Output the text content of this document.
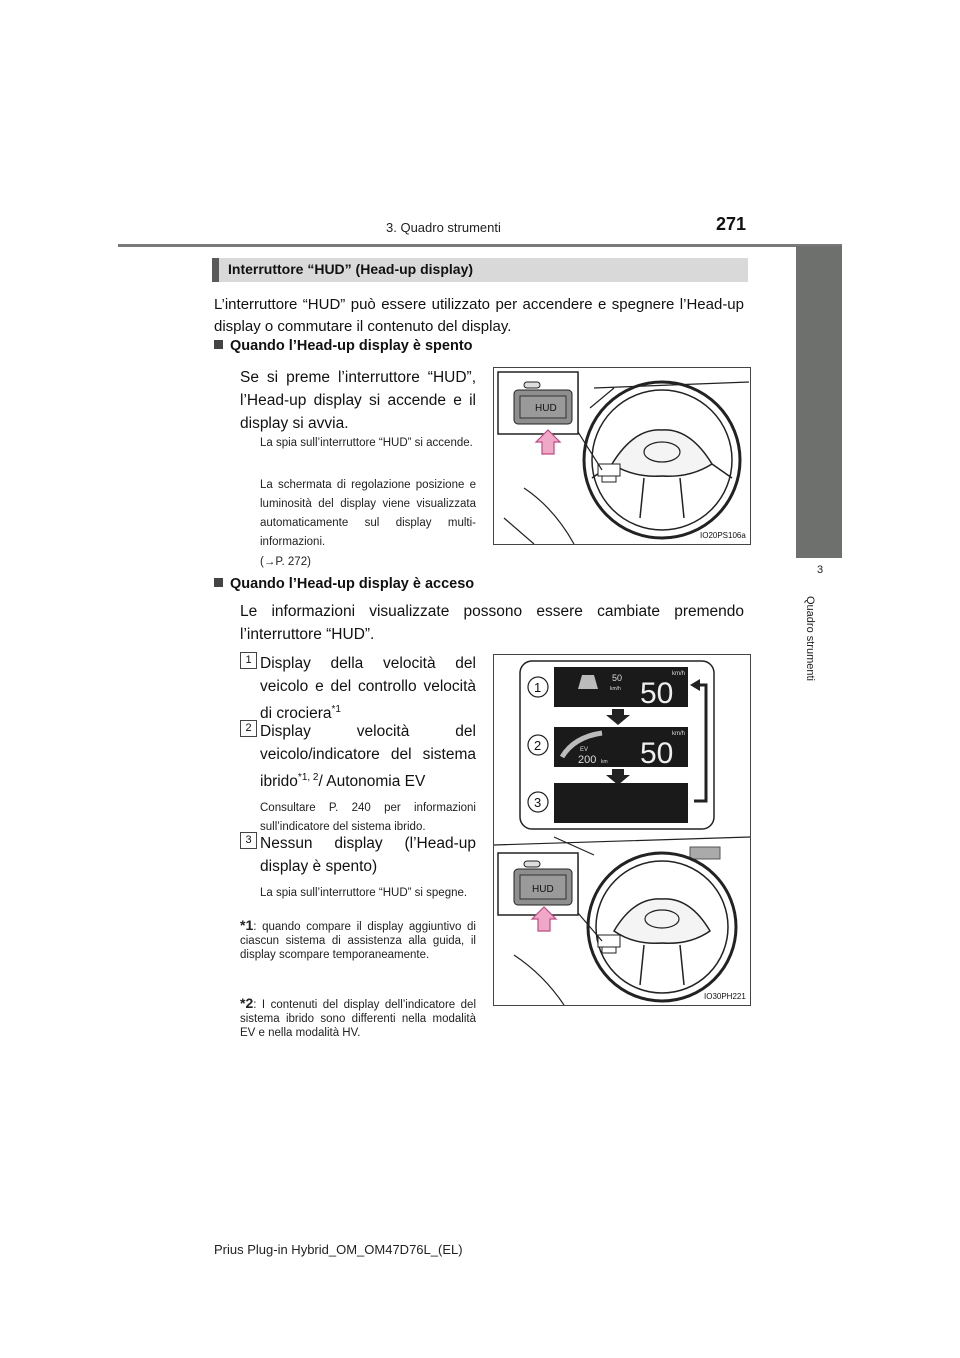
3. Quadro strumenti	271
3
Quadro strumenti
Interruttore “HUD” (Head-up display)
L’interruttore “HUD” può essere utilizzato per accendere e spegnere l’Head-up display o commutare il contenuto del display.
Quando l’Head-up display è spento
Se si preme l’interruttore “HUD”, l’Head-up display si accende e il display si avvia.
La spia sull’interruttore “HUD” si accende.
La schermata di regolazione posizione e luminosità del display viene visualizzata automaticamente sul display multi-informazioni.
(→P. 272)
HUD
IO20PS106a
Quando l’Head-up display è acceso
Le informazioni visualizzate possono essere cambiate premendo l’interruttore “HUD”.
1 Display della velocità del veicolo e del controllo velocità di crociera$^{*1}$
2 Display velocità del veicolo/indicatore del sistema ibrido$^{*1, 2}$/ Autonomia EV
Consultare P. 240 per informazioni sull’indicatore del sistema ibrido.
3 Nessun display (l’Head-up display è spento)
La spia sull’interruttore “HUD” si spegne.
*1: quando compare il display aggiuntivo di ciascun sistema di assistenza alla guida, il display scompare temporaneamente.
*2: I contenuti del display dell’indicatore del sistema ibrido sono differenti nella modalità EV e nella modalità HV.
50
km/h
km/h
50
EV
200 km
km/h
50
1
2
3
HUD
IO30PH221
Prius Plug-in Hybrid_OM_OM47D76L_(EL)
